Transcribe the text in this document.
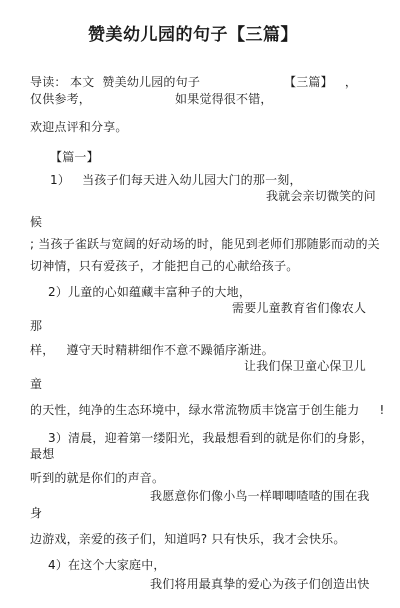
赞美幼儿园的句子【三篇】
导读： 本文  赞美幼儿园的句子	【三篇】   ，
仅供参考，	如果觉得很不错，
欢迎点评和分享。
【篇一】
1）   当孩子们每天进入幼儿园大门的那一刻，
我就会亲切微笑的问
候
; 当孩子雀跃与宽阔的好动场的时，能见到老师们那随影而动的关
切神情，只有爱孩子，才能把自己的心献给孩子。
2）儿童的心如蕴藏丰富种子的大地，
需要儿童教育省们像农人
那
样，   遵守天时精耕细作不意不躁循序渐进。
让我们保卫童心保卫儿
童
的天性，纯净的生态环境中，绿水常流物质丰饶富于创生能力     !
3）清晨，迎着第一缕阳光，我最想看到的就是你们的身影，
最想
听到的就是你们的声音。
我愿意你们像小鸟一样唧唧喳喳的围在我
身
边游戏，亲爱的孩子们，知道吗? 只有快乐，我才会快乐。
4）在这个大家庭中，
我们将用最真挚的爱心为孩子们创造出快
